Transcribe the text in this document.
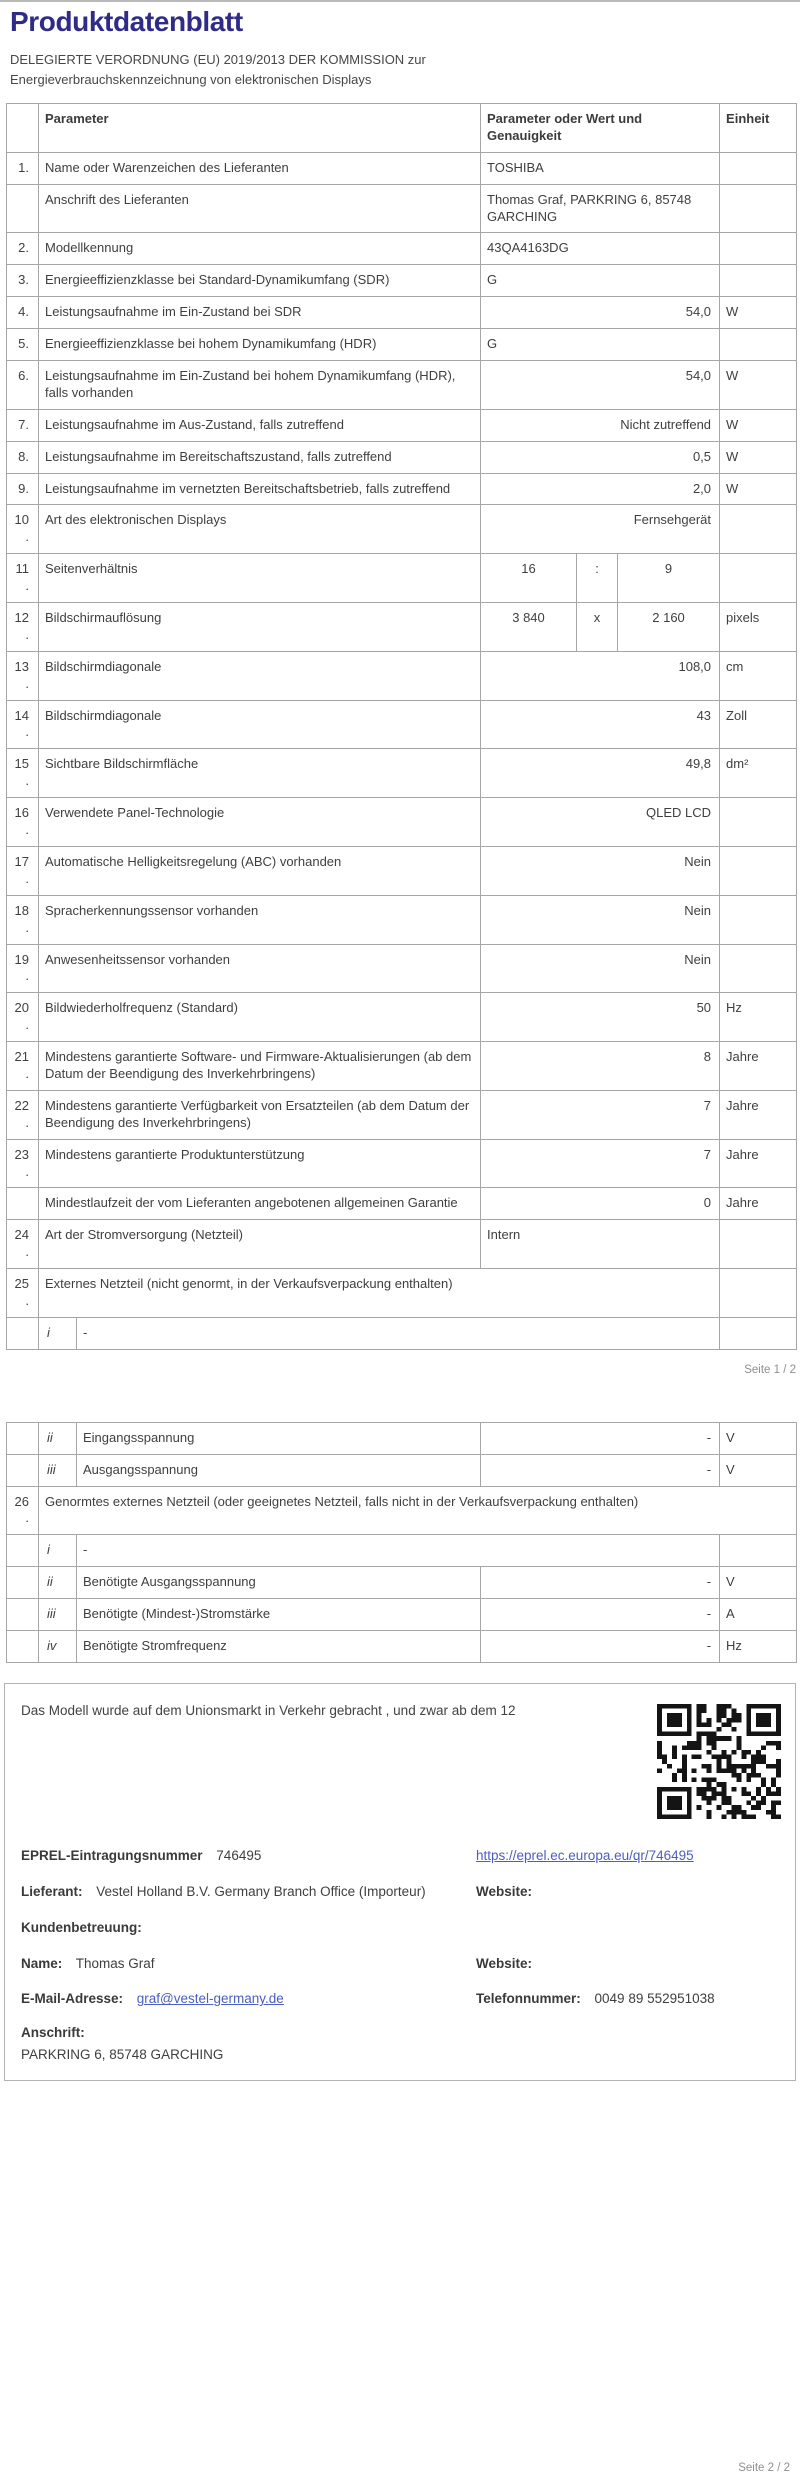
Produktdatenblatt

DELEGIERTE VERORDNUNG (EU) 2019/2013 DER KOMMISSION zur Energieverbrauchskennzeichnung von elektronischen Displays

	Parameter		Parameter oder Wert und Genauigkeit			Einheit
1.	Name oder Warenzeichen des Lieferanten		TOSHIBA			
	Anschrift des Lieferanten		Thomas Graf, PARKRING 6, 85748 GARCHING			
2.	Modellkennung		43QA4163DG			
3.	Energieeffizienzklasse bei Standard-Dynamikumfang (SDR)		G			
4.	Leistungsaufnahme im Ein-Zustand bei SDR		54,0			W
5.	Energieeffizienzklasse bei hohem Dynamikumfang (HDR)		G			
6.	Leistungsaufnahme im Ein-Zustand bei hohem Dynamikumfang (HDR), falls vorhanden		54,0			W
7.	Leistungsaufnahme im Aus-Zustand, falls zutreffend		Nicht zutreffend			W
8.	Leistungsaufnahme im Bereitschaftszustand, falls zutreffend		0,5			W
9.	Leistungsaufnahme im vernetzten Bereitschaftsbetrieb, falls zutreffend		2,0			W
10.	Art des elektronischen Displays		Fernsehgerät			
11.	Seitenverhältnis		16	:	9	
12.	Bildschirmauflösung		3 840	x	2 160	pixels
13.	Bildschirmdiagonale		108,0			cm
14.	Bildschirmdiagonale		43			Zoll
15.	Sichtbare Bildschirmfläche		49,8			dm²
16.	Verwendete Panel-Technologie		QLED LCD			
17.	Automatische Helligkeitsregelung (ABC) vorhanden		Nein			
18.	Spracherkennungssensor vorhanden		Nein			
19.	Anwesenheitssensor vorhanden		Nein			
20.	Bildwiederholfrequenz (Standard)		50			Hz
21.	Mindestens garantierte Software- und Firmware-Aktualisierungen (ab dem Datum der Beendigung des Inverkehrbringens)		8			Jahre
22.	Mindestens garantierte Verfügbarkeit von Ersatzteilen (ab dem Datum der Beendigung des Inverkehrbringens)		7			Jahre
23.	Mindestens garantierte Produktunterstützung		7			Jahre
	Mindestlaufzeit der vom Lieferanten angebotenen allgemeinen Garantie		0			Jahre
24.	Art der Stromversorgung (Netzteil)		Intern			
25.	Externes Netzteil (nicht genormt, in der Verkaufsverpackung enthalten)					
	i	-				
Seite 1 / 2
	ii	Eingangsspannung	-	V
	iii	Ausgangsspannung	-	V
26.	Genormtes externes Netzteil (oder geeignetes Netzteil, falls nicht in der Verkaufsverpackung enthalten)			
	i	-		
	ii	Benötigte Ausgangsspannung	-	V
	iii	Benötigte (Mindest-)Stromstärke	-	A
	iv	Benötigte Stromfrequenz	-	Hz

Das Modell wurde auf dem Unionsmarkt in Verkehr gebracht , und zwar ab dem 12

EPREL-Eintragungsnummer 746495	https://eprel.ec.europa.eu/qr/746495
Lieferant: Vestel Holland B.V. Germany Branch Office (Importeur)	Website:
Kundenbetreuung:
Name: Thomas Graf	Website:
E-Mail-Adresse: graf@vestel-germany.de	Telefonnummer: 0049 89 552951038
Anschrift:
PARKRING 6, 85748 GARCHING
Seite 2 / 2
